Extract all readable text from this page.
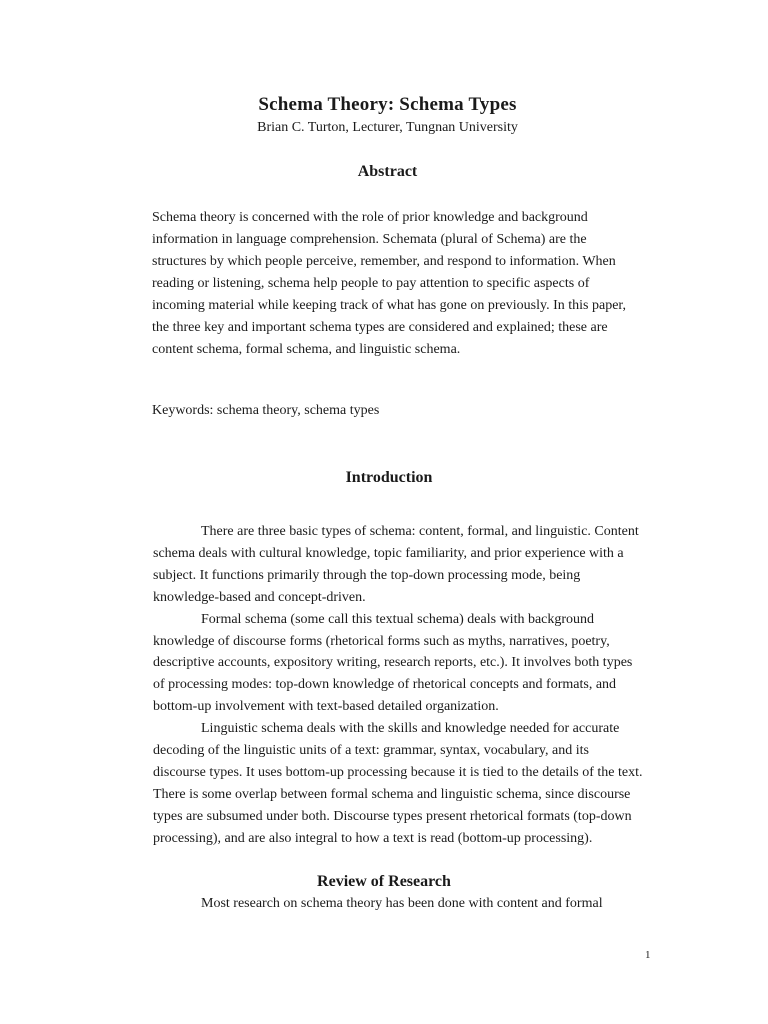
Schema Theory: Schema Types
Brian C. Turton, Lecturer, Tungnan University
Abstract
Schema theory is concerned with the role of prior knowledge and background
information in language comprehension. Schemata (plural of Schema) are the
structures by which people perceive, remember, and respond to information. When
reading or listening, schema help people to pay attention to specific aspects of
incoming material while keeping track of what has gone on previously. In this paper,
the three key and important schema types are considered and explained; these are
content schema, formal schema, and linguistic schema.
Keywords: schema theory, schema types
Introduction
There are three basic types of schema: content, formal, and linguistic. Content
schema deals with cultural knowledge, topic familiarity, and prior experience with a
subject. It functions primarily through the top-down processing mode, being
knowledge-based and concept-driven.
Formal schema (some call this textual schema) deals with background
knowledge of discourse forms (rhetorical forms such as myths, narratives, poetry,
descriptive accounts, expository writing, research reports, etc.). It involves both types
of processing modes: top-down knowledge of rhetorical concepts and formats, and
bottom-up involvement with text-based detailed organization.
Linguistic schema deals with the skills and knowledge needed for accurate
decoding of the linguistic units of a text: grammar, syntax, vocabulary, and its
discourse types. It uses bottom-up processing because it is tied to the details of the text.
There is some overlap between formal schema and linguistic schema, since discourse
types are subsumed under both. Discourse types present rhetorical formats (top-down
processing), and are also integral to how a text is read (bottom-up processing).
Review of Research
Most research on schema theory has been done with content and formal
1
